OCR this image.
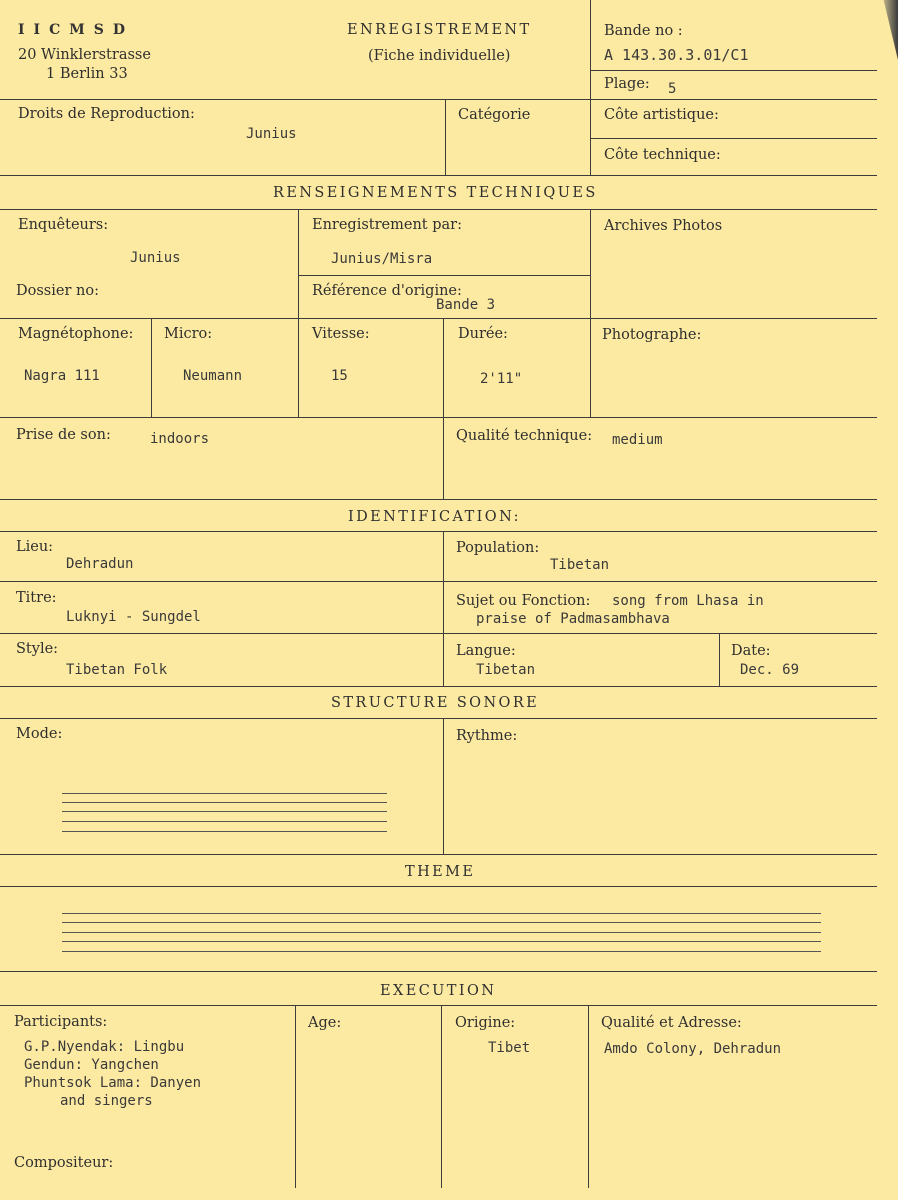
IICMSD
20 Winklerstrasse
1 Berlin 33
ENREGISTREMENT
(Fiche individuelle)
Bande no :
A 143.30.3.01/C1
Plage: 5
Droits de Reproduction:
Junius
Catégorie	Côte artistique:
Côte technique:
RENSEIGNEMENTS TECHNIQUES
Enquêteurs:
Junius
Enregistrement par:
Junius/Misra
Archives Photos
Dossier no:	Référence d'origine:
Bande 3
Magnétophone:
Nagra 111
Micro:
Neumann
Vitesse:
15
Durée:
2'11"
Photographe:
Prise de son:	indoors	Qualité technique: medium
IDENTIFICATION:
Lieu:
Dehradun
Population:
Tibetan
Titre:
Luknyi - Sungdel
Sujet ou Fonction: song from Lhasa in
praise of Padmasambhava
Style:
Tibetan Folk
Langue:
Tibetan
Date:
Dec. 69
STRUCTURE SONORE
Mode:	Rythme:
THEME
EXECUTION
Participants:
G.P.Nyendak: Lingbu
Gendun: Yangchen
Phuntsok Lama: Danyen
and singers
Age:	Origine:
Tibet
Qualité et Adresse:
Amdo Colony, Dehradun
Compositeur:
